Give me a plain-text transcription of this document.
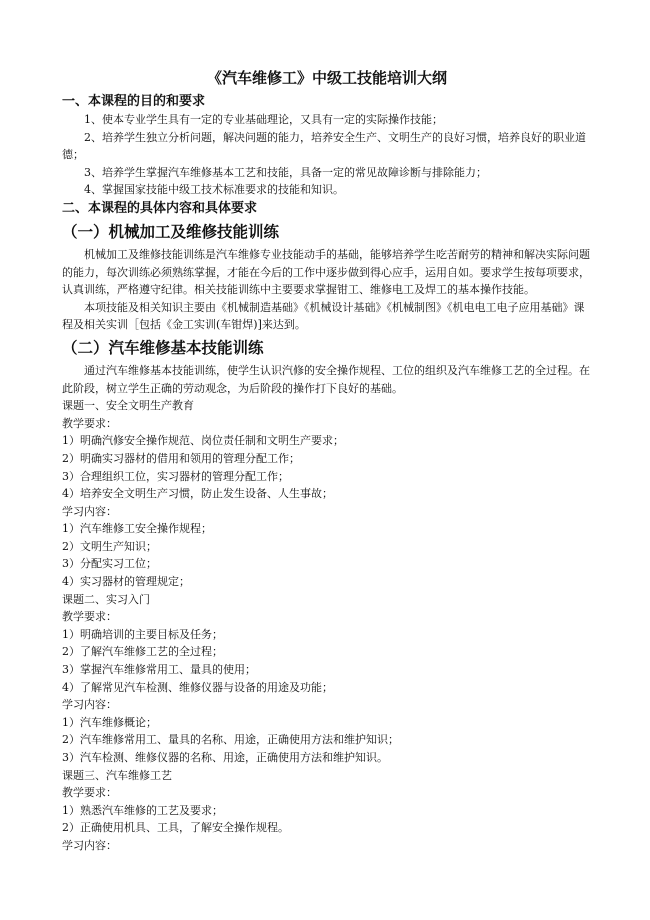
《汽车维修工》中级工技能培训大纲
一、本课程的目的和要求

1、使本专业学生具有一定的专业基础理论，又具有一定的实际操作技能；

2、培养学生独立分析问题，解决问题的能力，培养安全生产、文明生产的良好习惯，培养良好的职业道德；

3、培养学生掌握汽车维修基本工艺和技能，具备一定的常见故障诊断与排除能力；

4、掌握国家技能中级工技术标准要求的技能和知识。

二、本课程的具体内容和具体要求
（一）机械加工及维修技能训练

机械加工及维修技能训练是汽车维修专业技能动手的基础，能够培养学生吃苦耐劳的精神和解决实际问题的能力，每次训练必须熟练掌握，才能在今后的工作中逐步做到得心应手，运用自如。要求学生按每项要求，认真训练，严格遵守纪律。相关技能训练中主要要求掌握钳工、维修电工及焊工的基本操作技能。

本项技能及相关知识主要由《机械制造基础》《机械设计基础》《机械制图》《机电电工电子应用基础》课程及相关实训［包括《金工实训(车钳焊)]来达到。

（二）汽车维修基本技能训练

通过汽车维修基本技能训练，使学生认识汽修的安全操作规程、工位的组织及汽车维修工艺的全过程。在此阶段，树立学生正确的劳动观念，为后阶段的操作打下良好的基础。

课题一、安全文明生产教育

教学要求：

1）明确汽修安全操作规范、岗位责任制和文明生产要求；

2）明确实习器材的借用和领用的管理分配工作；

3）合理组织工位，实习器材的管理分配工作；

4）培养安全文明生产习惯，防止发生设备、人生事故；

学习内容：

1）汽车维修工安全操作规程；

2）文明生产知识；

3）分配实习工位；

4）实习器材的管理规定；

课题二、实习入门

教学要求：

1）明确培训的主要目标及任务；

2）了解汽车维修工艺的全过程；

3）掌握汽车维修常用工、量具的使用；

4）了解常见汽车检测、维修仪器与设备的用途及功能；

学习内容：

1）汽车维修概论；

2）汽车维修常用工、量具的名称、用途，正确使用方法和维护知识；

3）汽车检测、维修仪器的名称、用途，正确使用方法和维护知识。

课题三、汽车维修工艺

教学要求：

1）熟悉汽车维修的工艺及要求；

2）正确使用机具、工具，了解安全操作规程。

学习内容：
